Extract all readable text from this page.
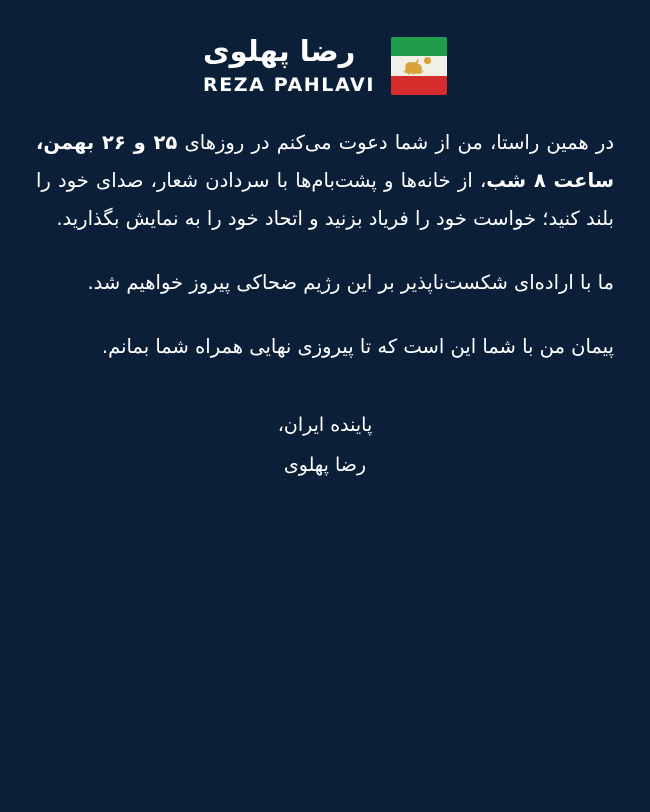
رضا پهلوی
REZA PAHLAVI

در همین راستا، من از شما دعوت می‌کنم در روزهای ۲۵ و ۲۶ بهمن، ساعت ۸ شب، از خانه‌ها و پشت‌بام‌ها با سردادن شعار، صدای خود را بلند کنید؛ خواست خود را فریاد بزنید و اتحاد خود را به نمایش بگذارید.

ما با اراده‌ای شکست‌ناپذیر بر این رژیم ضحاکی پیروز خواهیم شد.

پیمان من با شما این است که تا پیروزی نهایی همراه شما بمانم.

پاینده ایران،
رضا پهلوی
